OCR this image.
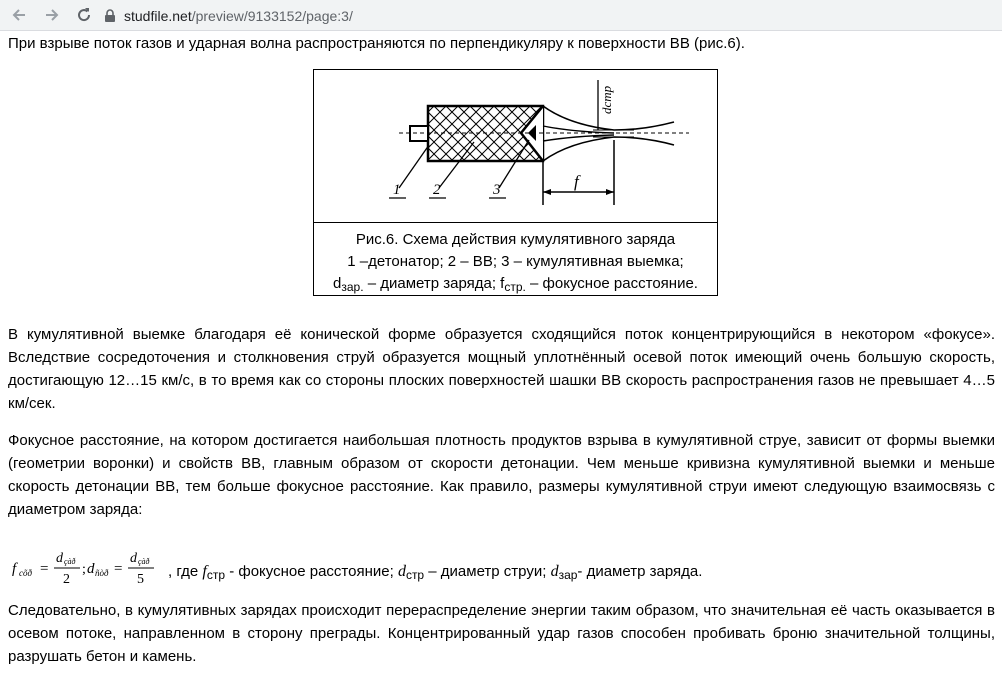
studfile.net/preview/9133152/page:3/

При взрыве поток газов и ударная волна распространяются по перпендикуляру к поверхности ВВ (рис.6).

1 2	3	f
dстр
Рис.6. Схема действия кумулятивного заряда
1 –детонатор; 2 – ВВ; 3 – кумулятивная выемка;
$d_{зар.}$ – диаметр заряда; $f_{стр.}$ – фокусное расстояние.

В кумулятивной выемке благодаря её конической форме образуется сходящийся поток концентрирующийся в некотором «фокусе». Вследствие сосредоточения и столкновения струй образуется мощный уплотнённый осевой поток имеющий очень большую скорость, достигающую 12…15 км/с, в то время как со стороны плоских поверхностей шашки ВВ скорость распространения газов не превышает 4…5 км/сек.

Фокусное расстояние, на котором достигается наибольшая плотность продуктов взрыва в кумулятивной струе, зависит от формы выемки (геометрии воронки) и свойств ВВ, главным образом от скорости детонации. Чем меньше кривизна кумулятивной выемки и меньше скорость детонации ВВ, тем больше фокусное расстояние. Как правило, размеры кумулятивной струи имеют следующую взаимосвязь с диаметром заряда:

f cõð =
d çàð
2
; d ñòð =
d çàð
5 , где $f_{стр}$ - фокусное расстояние; $d_{стр}$ – диаметр струи; $d_{зар}-$ диаметр заряда.

Следовательно, в кумулятивных зарядах происходит перераспределение энергии таким образом, что значительная её часть оказывается в осевом потоке, направленном в сторону преграды. Концентрированный удар газов способен пробивать броню значительной толщины, разрушать бетон и камень.
